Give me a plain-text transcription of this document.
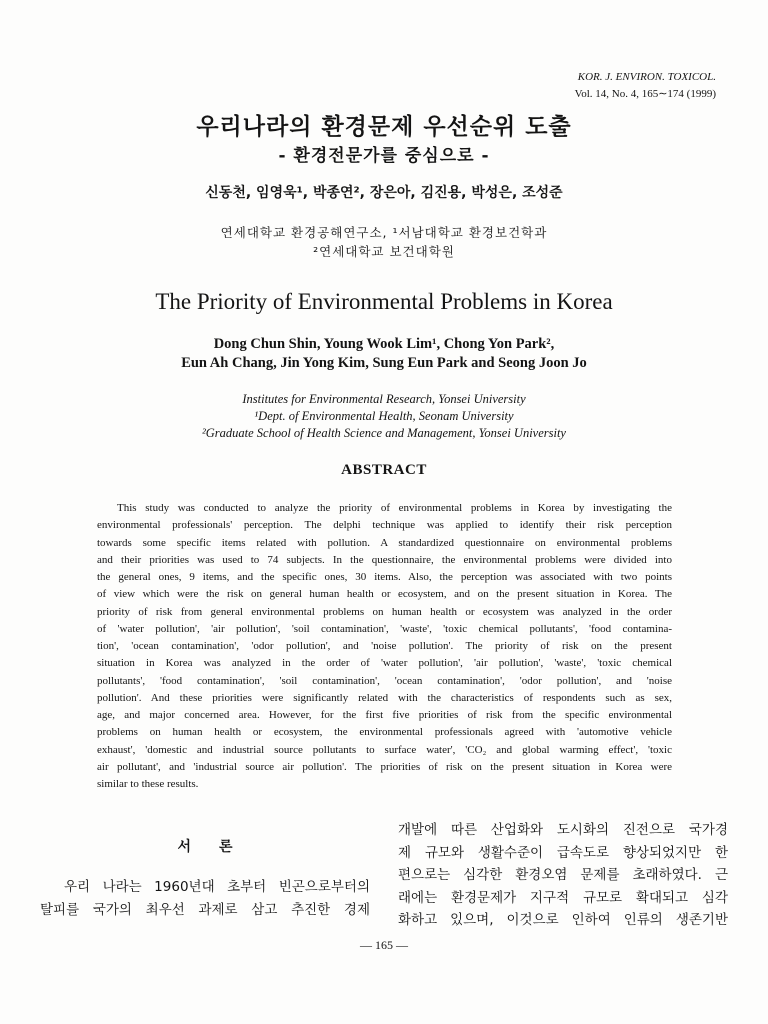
KOR. J. ENVIRON. TOXICOL.
Vol. 14, No. 4, 165∼174 (1999)
우리나라의 환경문제 우선순위 도출
- 환경전문가를 중심으로 -
신동천, 임영욱¹, 박종연², 장은아, 김진용, 박성은, 조성준
연세대학교 환경공해연구소, ¹서남대학교 환경보건학과
²연세대학교 보건대학원
The Priority of Environmental Problems in Korea
Dong Chun Shin, Young Wook Lim¹, Chong Yon Park²,
Eun Ah Chang, Jin Yong Kim, Sung Eun Park and Seong Joon Jo
Institutes for Environmental Research, Yonsei University
¹Dept. of Environmental Health, Seonam University
²Graduate School of Health Science and Management, Yonsei University
ABSTRACT
This study was conducted to analyze the priority of environmental problems in Korea by investigating the
environmental professionals' perception. The delphi technique was applied to identify their risk perception
towards some specific items related with pollution. A standardized questionnaire on environmental problems
and their priorities was used to 74 subjects. In the questionnaire, the environmental problems were divided into
the general ones, 9 items, and the specific ones, 30 items. Also, the perception was associated with two points
of view which were the risk on general human health or ecosystem, and on the present situation in Korea. The
priority of risk from general environmental problems on human health or ecosystem was analyzed in the order
of 'water pollution', 'air pollution', 'soil contamination', 'waste', 'toxic chemical pollutants', 'food contamina-
tion', 'ocean contamination', 'odor pollution', and 'noise pollution'. The priority of risk on the present
situation in Korea was analyzed in the order of 'water pollution', 'air pollution', 'waste', 'toxic chemical
pollutants', 'food contamination', 'soil contamination', 'ocean contamination', 'odor pollution', and 'noise
pollution'. And these priorities were significantly related with the characteristics of respondents such as sex,
age, and major concerned area. However, for the first five priorities of risk from the specific environmental
problems on human health or ecosystem, the environmental professionals agreed with 'automotive vehicle
exhaust', 'domestic and industrial source pollutants to surface water', 'CO₂ and global warming effect', 'toxic
air pollutant', and 'industrial source air pollution'. The priorities of risk on the present situation in Korea were
similar to these results.
서　　론
우리 나라는 1960년대 초부터 빈곤으로부터의
탈피를 국가의 최우선 과제로 삼고 추진한 경제
개발에 따른 산업화와 도시화의 진전으로 국가경
제 규모와 생활수준이 급속도로 향상되었지만 한
편으로는 심각한 환경오염 문제를 초래하였다. 근
래에는 환경문제가 지구적 규모로 확대되고 심각
화하고 있으며, 이것으로 인하여 인류의 생존기반
— 165 —
